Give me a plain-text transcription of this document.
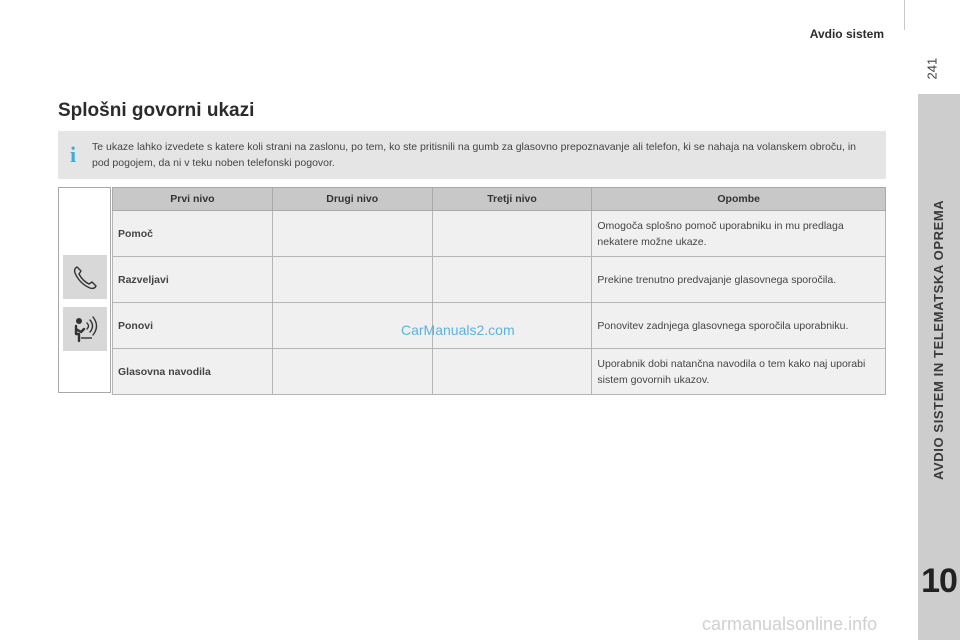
Avdio sistem
241
AVDIO SISTEM IN TELEMATSKA OPREMA
10
Splošni govorni ukazi
i Te ukaze lahko izvedete s katere koli strani na zaslonu, po tem, ko ste pritisnili na gumb za glasovno prepoznavanje ali telefon, ki se nahaja na volanskem obroču, in pod pogojem, da ni v teku noben telefonski pogovor.
Prvi nivo	Drugi nivo	Tretji nivo	Opombe
Pomoč			Omogoča splošno pomoč uporabniku in mu predlaga nekatere možne ukaze.
Razveljavi			Prekine trenutno predvajanje glasovnega sporočila.
Ponovi			Ponovitev zadnjega glasovnega sporočila uporabniku.
Glasovna navodila			Uporabnik dobi natančna navodila o tem kako naj uporabi sistem govornih ukazov.
CarManuals2.com
carmanualsonline.info
